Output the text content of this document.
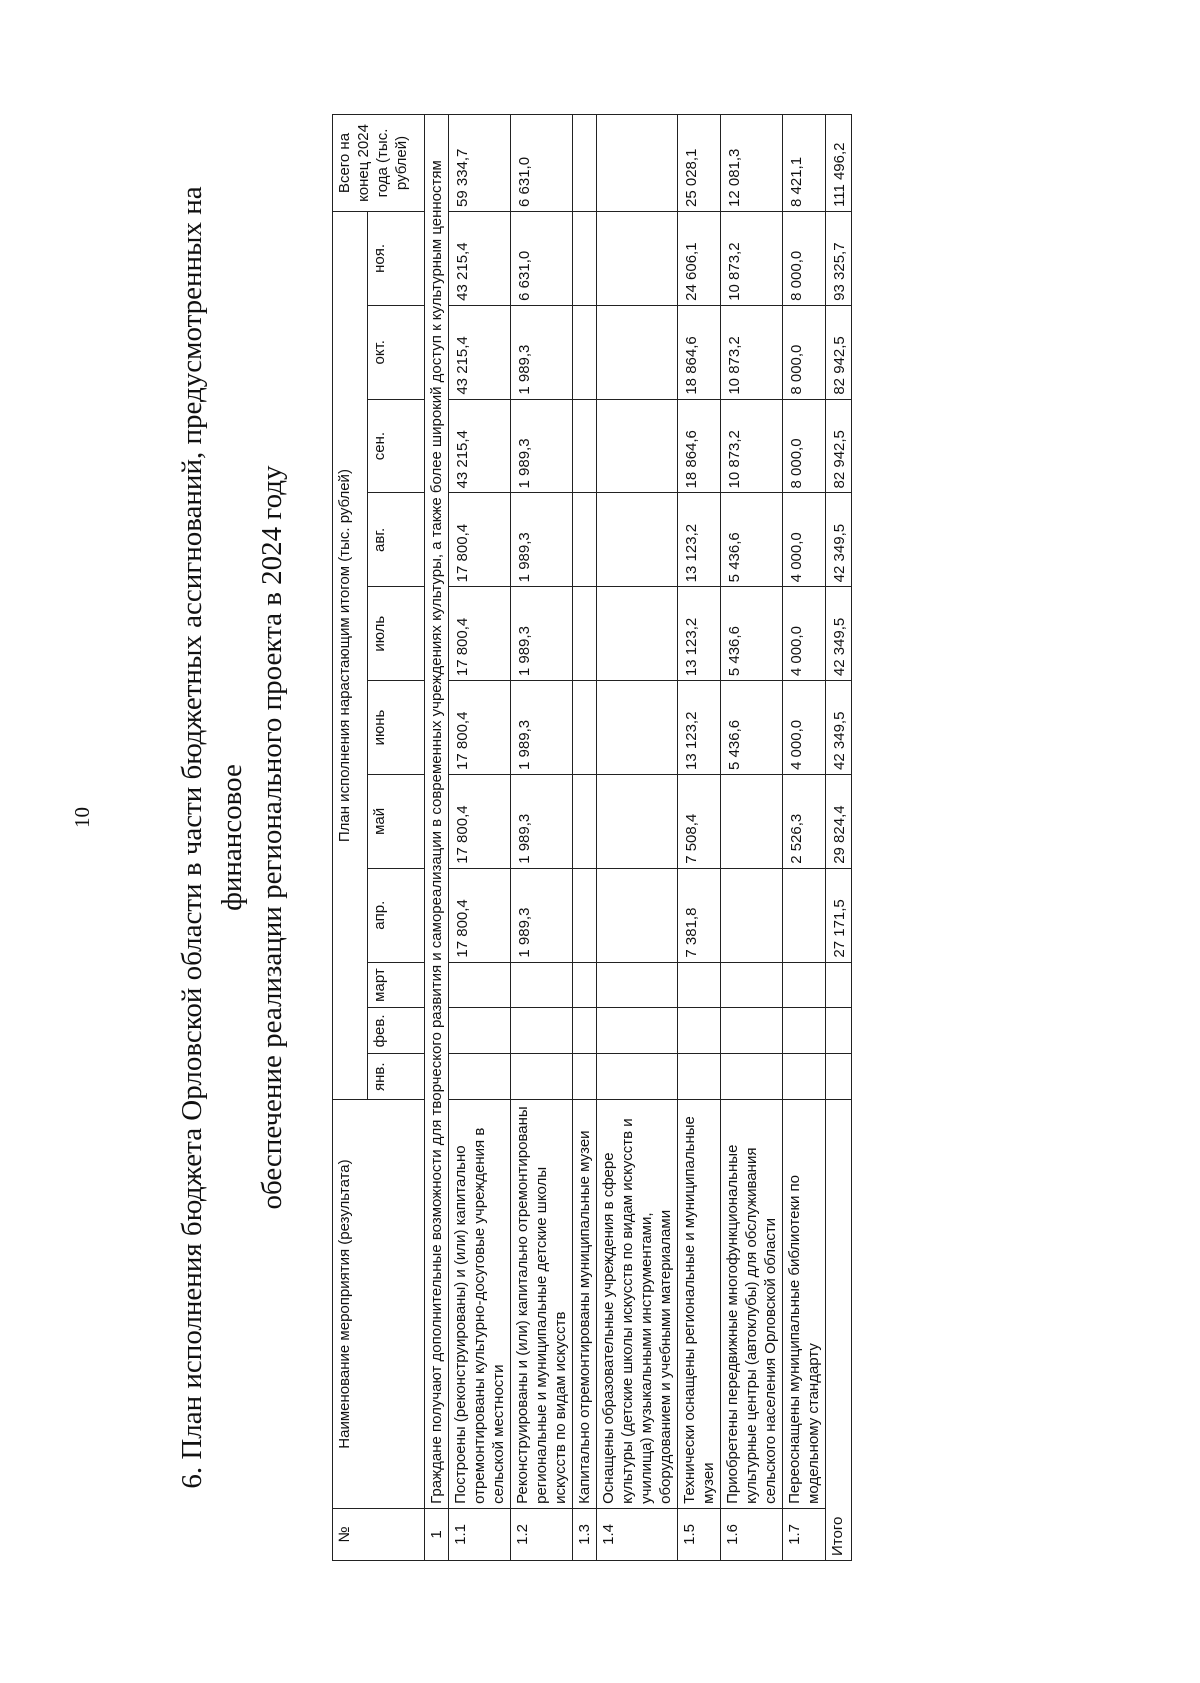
10	6. План исполнения бюджета Орловской области в части бюджетных ассигнований, предусмотренных на финансовое обеспечение реализации регионального проекта в 2024 году
№	Наименование мероприятия (результата)	План исполнения нарастающим итогом (тыс. рублей)											Всего на конец 2024 года (тыс. рублей)
		янв.	фев.	март	апр.	май	июнь	июль	авг.	сен.	окт.	ноя.	
1	Граждане получают дополнительные возможности для творческого развития и самореализации в современных учреждениях культуры, а также более широкий доступ к культурным ценностям												
1.1	Построены (реконструированы) и (или) капитально отремонтированы культурно-досуговые учреждения в сельской местности				17 800,4	17 800,4	17 800,4	17 800,4	17 800,4	43 215,4	43 215,4	43 215,4	59 334,7
1.2	Реконструированы и (или) капитально отремонтированы региональные и муниципальные детские школы искусств по видам искусств				1 989,3	1 989,3	1 989,3	1 989,3	1 989,3	1 989,3	1 989,3	6 631,0	6 631,0
1.3	Капитально отремонтированы муниципальные музеи												
1.4	Оснащены образовательные учреждения в сфере культуры (детские школы искусств по видам искусств и училища) музыкальными инструментами, оборудованием и учебными материалами												
1.5	Технически оснащены региональные и муниципальные музеи				7 381,8	7 508,4	13 123,2	13 123,2	13 123,2	18 864,6	18 864,6	24 606,1	25 028,1
1.6	Приобретены передвижные многофункциональные культурные центры (автоклубы) для обслуживания сельского населения Орловской области						5 436,6	5 436,6	5 436,6	10 873,2	10 873,2	10 873,2	12 081,3
1.7	Переоснащены муниципальные библиотеки по модельному стандарту					2 526,3	4 000,0	4 000,0	4 000,0	8 000,0	8 000,0	8 000,0	8 421,1
Итого					27 171,5	29 824,4	42 349,5	42 349,5	42 349,5	82 942,5	82 942,5	93 325,7	111 496,2
